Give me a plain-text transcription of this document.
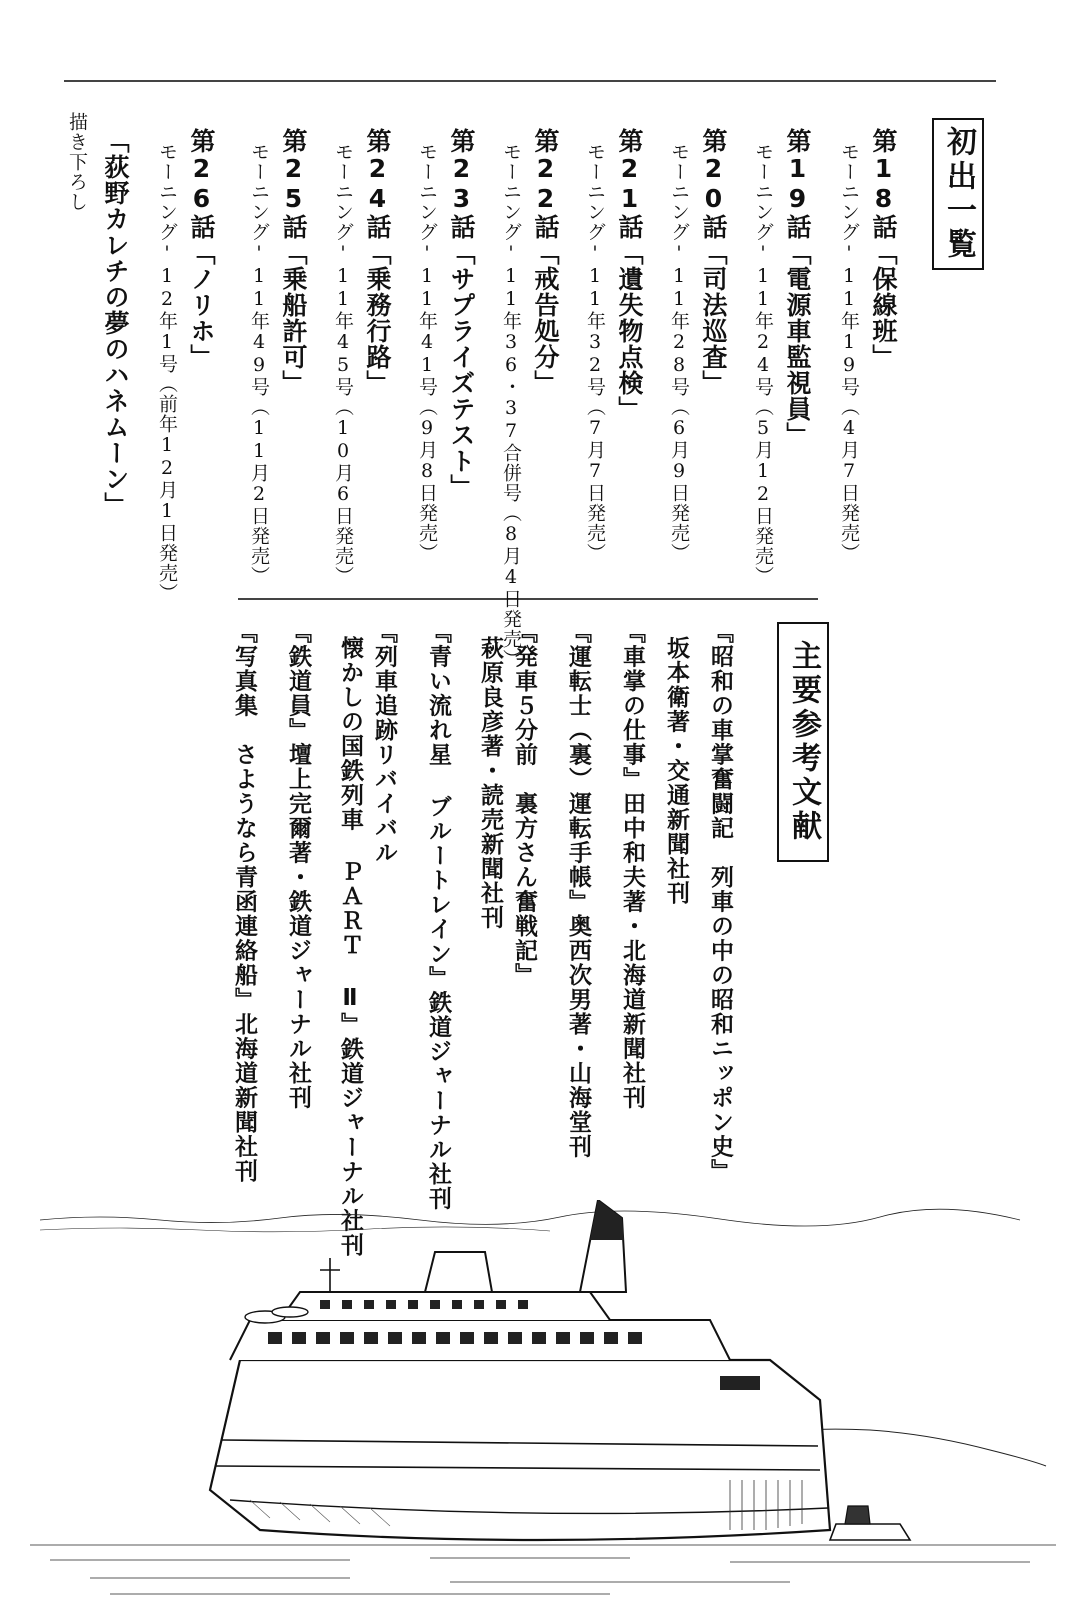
初出一覧

第18話「保線班」

モーニング'11年19号（4月7日発売）

第19話「電源車監視員」

モーニング'11年24号（5月12日発売）

第20話「司法巡査」

モーニング'11年28号（6月9日発売）

第21話「遺失物点検」

モーニング'11年32号（7月7日発売）

第22話「戒告処分」

モーニング'11年36・37合併号（8月4日発売）

第23話「サプライズテスト」

モーニング'11年41号（9月8日発売）

第24話「乗務行路」

モーニング'11年45号（10月6日発売）

第25話「乗船許可」

モーニング'11年49号（11月2日発売）

第26話「ノリホ」

モーニング'12年1号（前年12月1日発売）

「荻野カレチの夢のハネムーン」

描き下ろし

主要参考文献

『昭和の車掌奮闘記　列車の中の昭和ニッポン史』

坂本衛著・交通新聞社刊

『車掌の仕事』田中和夫著・北海道新聞社刊

『運転士（裏）運転手帳』奥西次男著・山海堂刊

『発車５分前　裏方さん奮戦記』

萩原良彦著・読売新聞社刊

『青い流れ星 ブルートレイン』鉄道ジャーナル社刊

『列車追跡リバイバル

懐かしの国鉄列車 ＰＡＲＴ Ⅱ』鉄道ジャーナル社刊

『鉄道員』壇上完爾著・鉄道ジャーナル社刊

『写真集　さようなら青函連絡船』北海道新聞社刊
